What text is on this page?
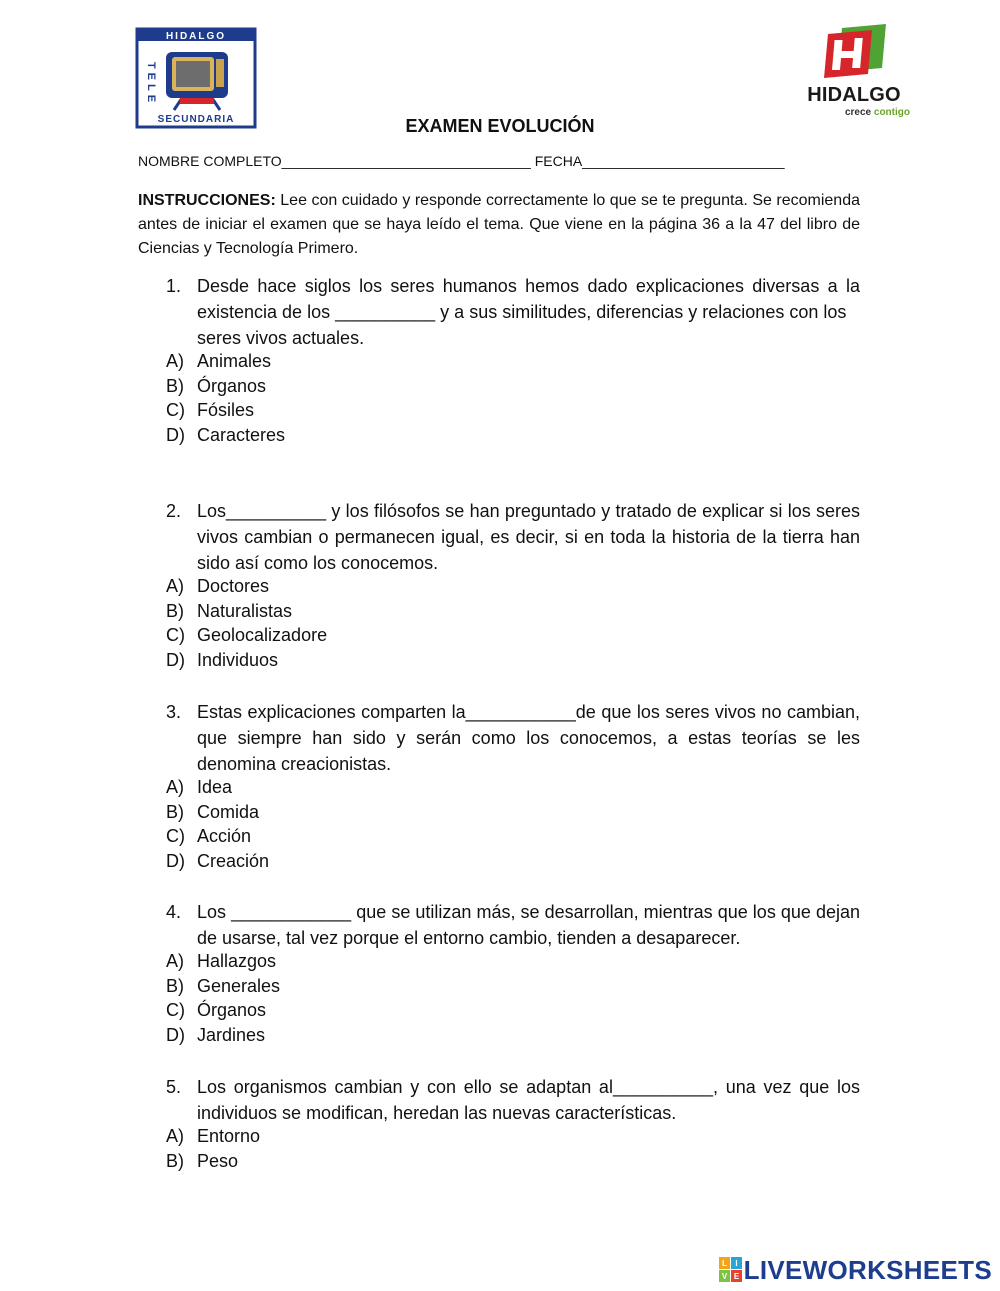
HIDALGO
TELE
SECUNDARIA
HIDALGO
crece contigo
EXAMEN EVOLUCIÓN
NOMBRE COMPLETO________________________________ FECHA__________________________
INSTRUCCIONES: Lee con cuidado y responde correctamente lo que se te pregunta. Se recomienda antes de iniciar el examen que se haya leído el tema. Que viene en la página 36 a la 47 del libro de Ciencias y Tecnología Primero.
1. Desde hace siglos los seres humanos hemos dado explicaciones diversas a la existencia de los __________ y a sus similitudes, diferencias y relaciones con los
seres vivos actuales.
A) Animales
B) Órganos
C) Fósiles
D) Caracteres
2. Los__________ y los filósofos se han preguntado y tratado de explicar si los seres vivos cambian o permanecen igual, es decir, si en toda la historia de la tierra han sido así como los conocemos.
A) Doctores
B) Naturalistas
C) Geolocalizadore
D) Individuos
3. Estas explicaciones comparten la___________de que los seres vivos no cambian, que siempre han sido y serán como los conocemos, a estas teorías se les denomina creacionistas.
A) Idea
B) Comida
C) Acción
D) Creación
4. Los ____________ que se utilizan más, se desarrollan, mientras que los que dejan de usarse, tal vez porque el entorno cambio, tienden a desaparecer.
A) Hallazgos
B) Generales
C) Órganos
D) Jardines
5. Los organismos cambian y con ello se adaptan al__________, una vez que los individuos se modifican, heredan las nuevas características.
A) Entorno
B) Peso
L I
V E LIVEWORKSHEETS
